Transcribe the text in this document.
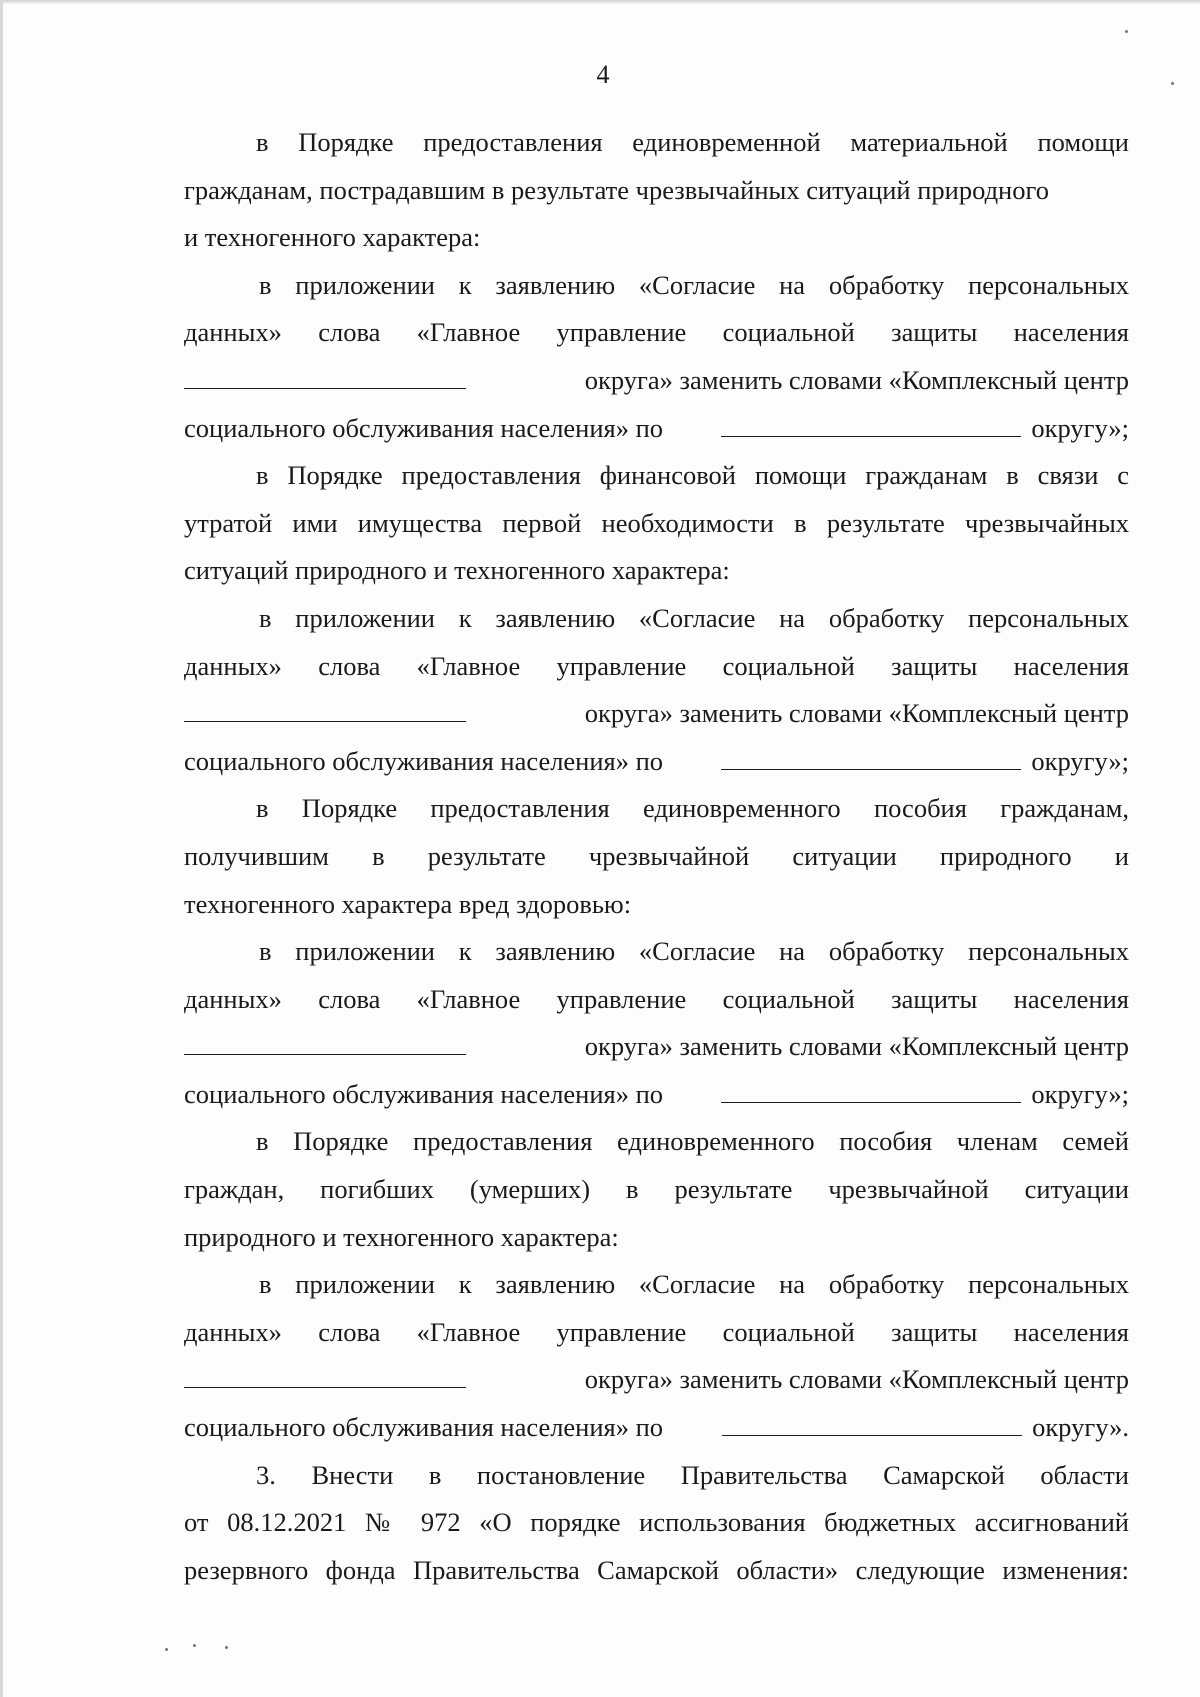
4
в Порядке предоставления единовременной материальной помощи
гражданам, пострадавшим в результате чрезвычайных ситуаций природного
и техногенного характера:
в приложении к заявлению «Согласие на обработку персональных
данных» слова «Главное управление социальной защиты населения
округа» заменить словами «Комплексный центр
социального обслуживания населения» по	округу»;
в Порядке предоставления финансовой помощи гражданам в связи с
утратой ими имущества первой необходимости в результате чрезвычайных
ситуаций природного и техногенного характера:
в приложении к заявлению «Согласие на обработку персональных
данных» слова «Главное управление социальной защиты населения
округа» заменить словами «Комплексный центр
социального обслуживания населения» по	округу»;
в Порядке предоставления единовременного пособия гражданам,
получившим в результате чрезвычайной ситуации природного и
техногенного характера вред здоровью:
в приложении к заявлению «Согласие на обработку персональных
данных» слова «Главное управление социальной защиты населения
округа» заменить словами «Комплексный центр
социального обслуживания населения» по	округу»;
в Порядке предоставления единовременного пособия членам семей
граждан, погибших (умерших) в результате чрезвычайной ситуации
природного и техногенного характера:
в приложении к заявлению «Согласие на обработку персональных
данных» слова «Главное управление социальной защиты населения
округа» заменить словами «Комплексный центр
социального обслуживания населения» по	округу».
3. Внести в постановление Правительства Самарской области
от 08.12.2021 № 972 «О порядке использования бюджетных ассигнований
резервного фонда Правительства Самарской области» следующие изменения:
